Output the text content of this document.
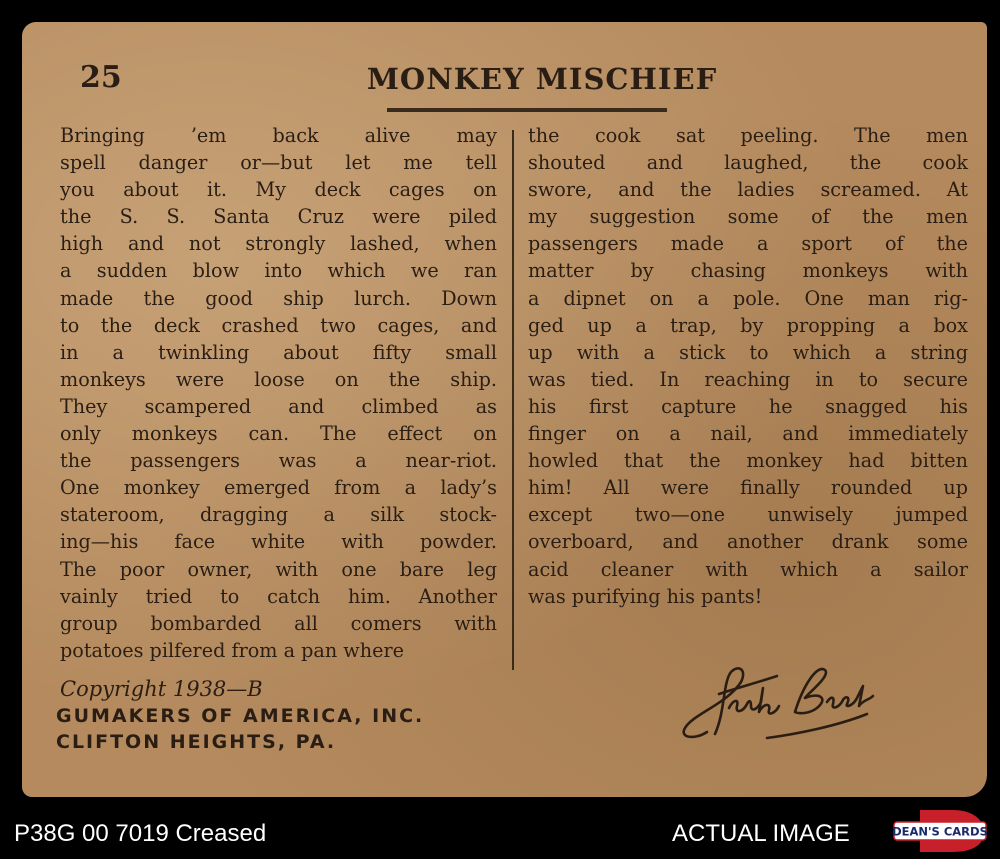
25	MONKEY MISCHIEF
Bringing ’em back alive may
spell danger or—but let me tell
you about it. My deck cages on
the S. S. Santa Cruz were piled
high and not strongly lashed, when
a sudden blow into which we ran
made the good ship lurch. Down
to the deck crashed two cages, and
in a twinkling about fifty small
monkeys were loose on the ship.
They scampered and climbed as
only monkeys can. The effect on
the passengers was a near-riot.
One monkey emerged from a lady’s
stateroom, dragging a silk stock-
ing—his face white with powder.
The poor owner, with one bare leg
vainly tried to catch him. Another
group bombarded all comers with
potatoes pilfered from a pan where
the cook sat peeling. The men
shouted and laughed, the cook
swore, and the ladies screamed. At
my suggestion some of the men
passengers made a sport of the
matter by chasing monkeys with
a dipnet on a pole. One man rig-
ged up a trap, by propping a box
up with a stick to which a string
was tied. In reaching in to secure
his first capture he snagged his
finger on a nail, and immediately
howled that the monkey had bitten
him! All were finally rounded up
except two—one unwisely jumped
overboard, and another drank some
acid cleaner with which a sailor
was purifying his pants!
Copyright 1938—B
GUMAKERS OF AMERICA, INC.
CLIFTON HEIGHTS, PA.
P38G 00 7019 Creased	ACTUAL IMAGE	DEAN'S CARDS
